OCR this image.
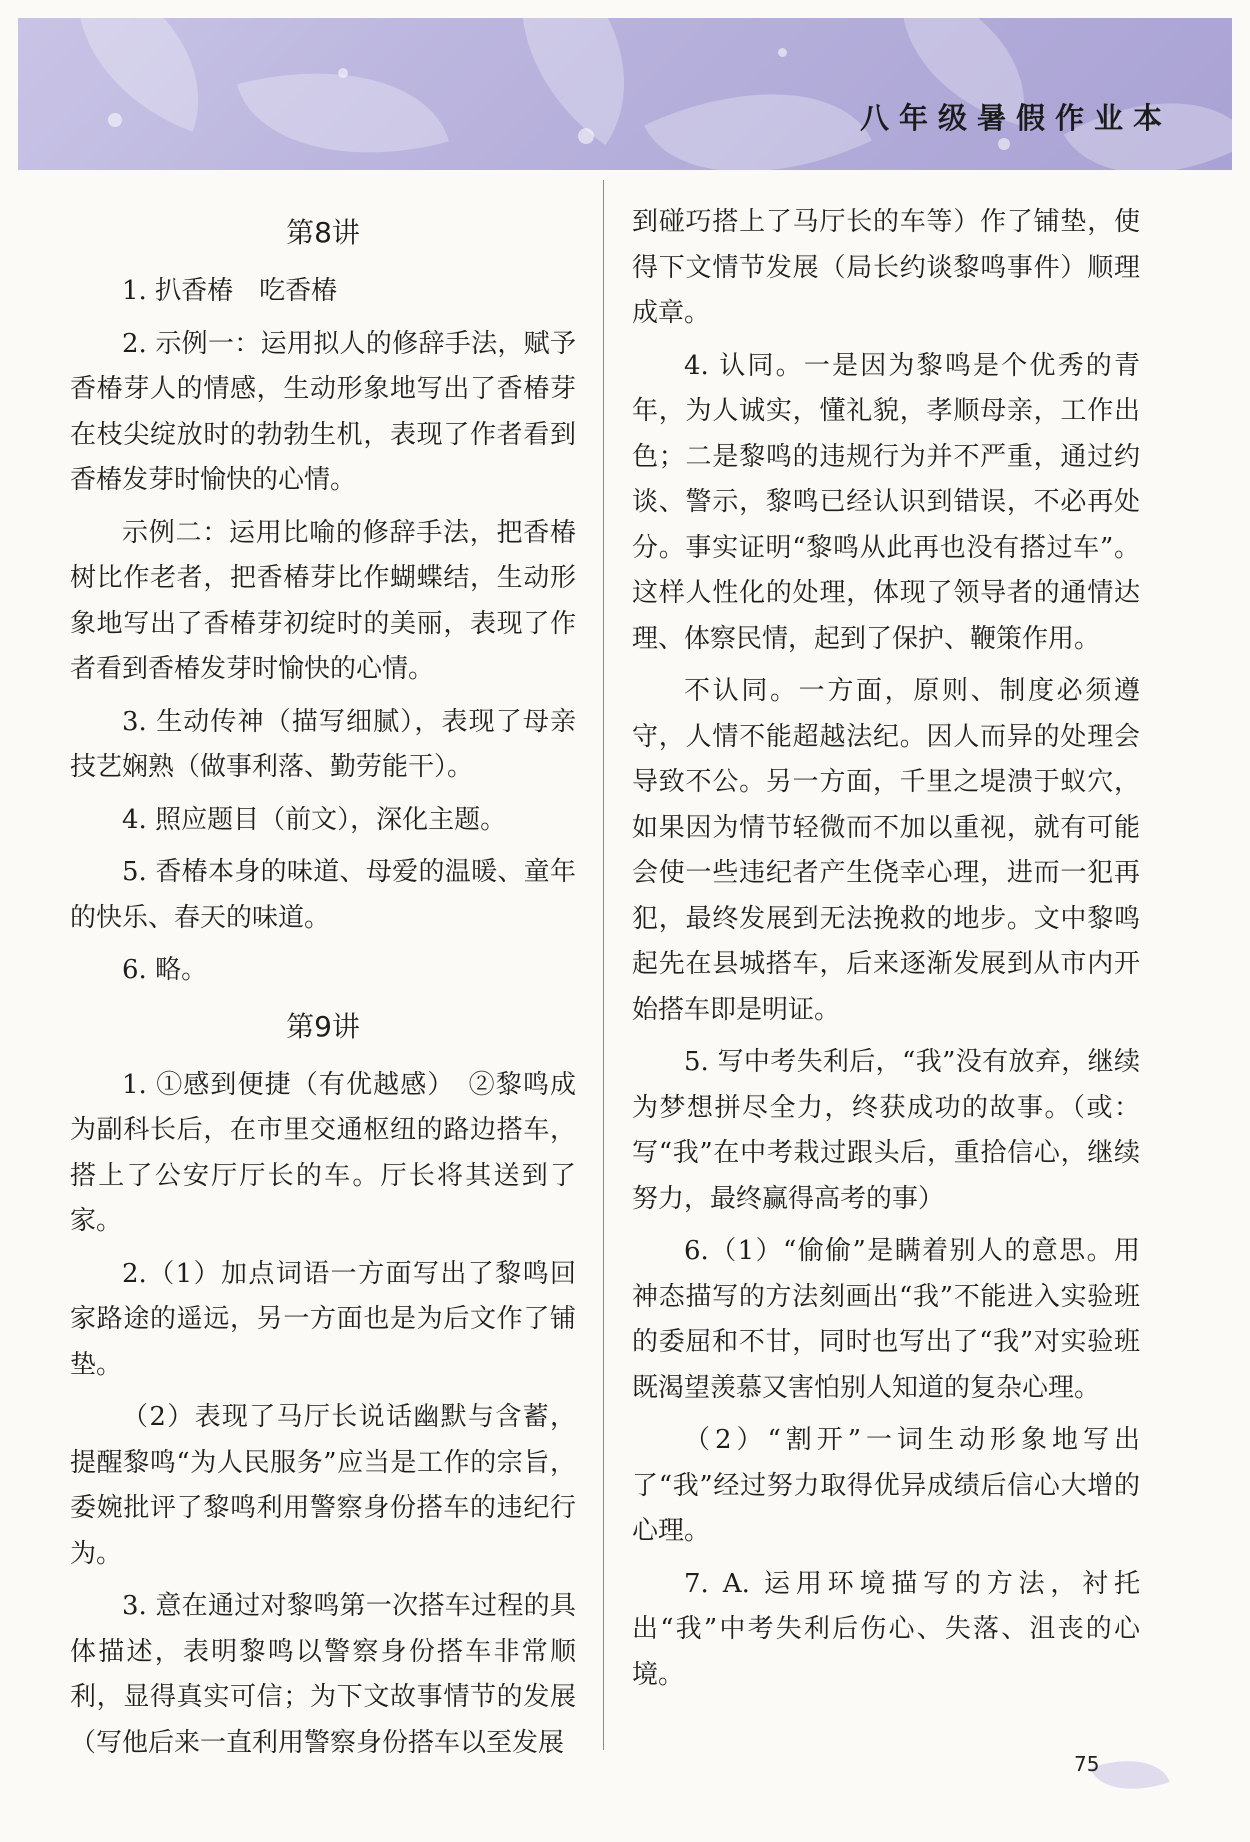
八年级暑假作业本
第8讲
1. 扒香椿　吃香椿
2. 示例一：运用拟人的修辞手法，赋予香椿芽人的情感，生动形象地写出了香椿芽在枝尖绽放时的勃勃生机，表现了作者看到香椿发芽时愉快的心情。
示例二：运用比喻的修辞手法，把香椿树比作老者，把香椿芽比作蝴蝶结，生动形象地写出了香椿芽初绽时的美丽，表现了作者看到香椿发芽时愉快的心情。
3. 生动传神（描写细腻），表现了母亲技艺娴熟（做事利落、勤劳能干）。
4. 照应题目（前文），深化主题。
5. 香椿本身的味道、母爱的温暖、童年的快乐、春天的味道。
6. 略。
第9讲
1. ①感到便捷（有优越感）　②黎鸣成为副科长后，在市里交通枢纽的路边搭车，搭上了公安厅厅长的车。厅长将其送到了家。
2.（1）加点词语一方面写出了黎鸣回家路途的遥远，另一方面也是为后文作了铺垫。
（2）表现了马厅长说话幽默与含蓄，提醒黎鸣“为人民服务”应当是工作的宗旨，委婉批评了黎鸣利用警察身份搭车的违纪行为。
3. 意在通过对黎鸣第一次搭车过程的具体描述，表明黎鸣以警察身份搭车非常顺利，显得真实可信；为下文故事情节的发展（写他后来一直利用警察身份搭车以至发展
到碰巧搭上了马厅长的车等）作了铺垫，使得下文情节发展（局长约谈黎鸣事件）顺理成章。
4. 认同。一是因为黎鸣是个优秀的青年，为人诚实，懂礼貌，孝顺母亲，工作出色；二是黎鸣的违规行为并不严重，通过约谈、警示，黎鸣已经认识到错误，不必再处分。事实证明“黎鸣从此再也没有搭过车”。这样人性化的处理，体现了领导者的通情达理、体察民情，起到了保护、鞭策作用。
不认同。一方面，原则、制度必须遵守，人情不能超越法纪。因人而异的处理会导致不公。另一方面，千里之堤溃于蚁穴，如果因为情节轻微而不加以重视，就有可能会使一些违纪者产生侥幸心理，进而一犯再犯，最终发展到无法挽救的地步。文中黎鸣起先在县城搭车，后来逐渐发展到从市内开始搭车即是明证。
5. 写中考失利后，“我”没有放弃，继续为梦想拼尽全力，终获成功的故事。（或：写“我”在中考栽过跟头后，重拾信心，继续努力，最终赢得高考的事）
6.（1）“偷偷”是瞒着别人的意思。用神态描写的方法刻画出“我”不能进入实验班的委屈和不甘，同时也写出了“我”对实验班既渴望羡慕又害怕别人知道的复杂心理。
（2）“割开”一词生动形象地写出了“我”经过努力取得优异成绩后信心大增的心理。
7. A. 运用环境描写的方法，衬托出“我”中考失利后伤心、失落、沮丧的心境。
75
